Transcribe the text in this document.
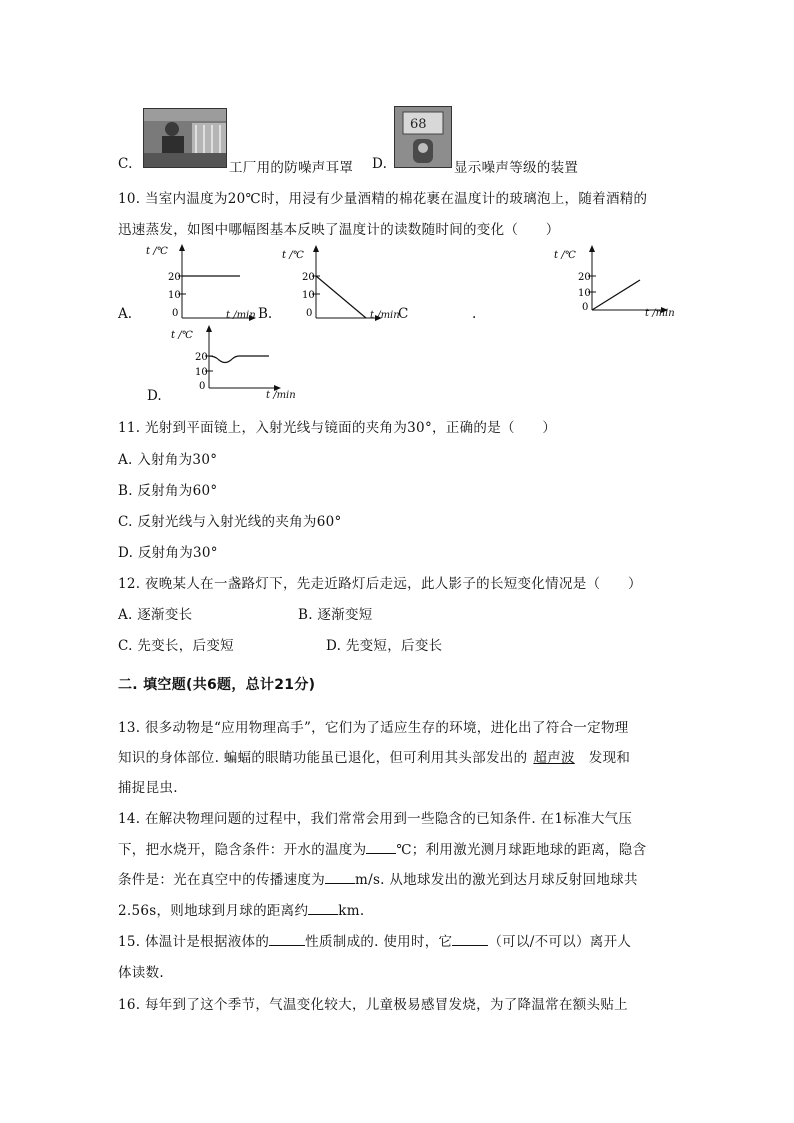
C.	工厂用的防噪声耳罩 D.
68
显示噪声等级的装置
10. 当室内温度为20℃时，用浸有少量酒精的棉花裹在温度计的玻璃泡上，随着酒精的
迅速蒸发，如图中哪幅图基本反映了温度计的读数随时间的变化（　　）
t /℃
20
10
0
A.	t /min B.
t /℃
20
10
0	t /min
C	.
t /℃
20
10
0
t /min
t /℃
20
10
0
D.	t /min
11. 光射到平面镜上，入射光线与镜面的夹角为30°，正确的是（　　）
A. 入射角为30°
B. 反射角为60°
C. 反射光线与入射光线的夹角为60°
D. 反射角为30°
12. 夜晚某人在一盏路灯下，先走近路灯后走远，此人影子的长短变化情况是（　　）
A. 逐渐变长	B. 逐渐变短
C. 先变长，后变短	D. 先变短，后变长
二. 填空题(共6题，总计21分)
13. 很多动物是“应用物理高手”，它们为了适应生存的环境，进化出了符合一定物理
知识的身体部位. 蝙蝠的眼睛功能虽已退化，但可利用其头部发出的 超声波 发现和
捕捉昆虫.
14. 在解决物理问题的过程中，我们常常会用到一些隐含的已知条件. 在1标准大气压
下，把水烧开，隐含条件：开水的温度为 ℃；利用激光测月球距地球的距离，隐含
条件是：光在真空中的传播速度为 m/s. 从地球发出的激光到达月球反射回地球共
2.56s，则地球到月球的距离约 km.
15. 体温计是根据液体的	性质制成的. 使用时，它	（可以/不可以）离开人
体读数.
16. 每年到了这个季节，气温变化较大，儿童极易感冒发烧，为了降温常在额头贴上
